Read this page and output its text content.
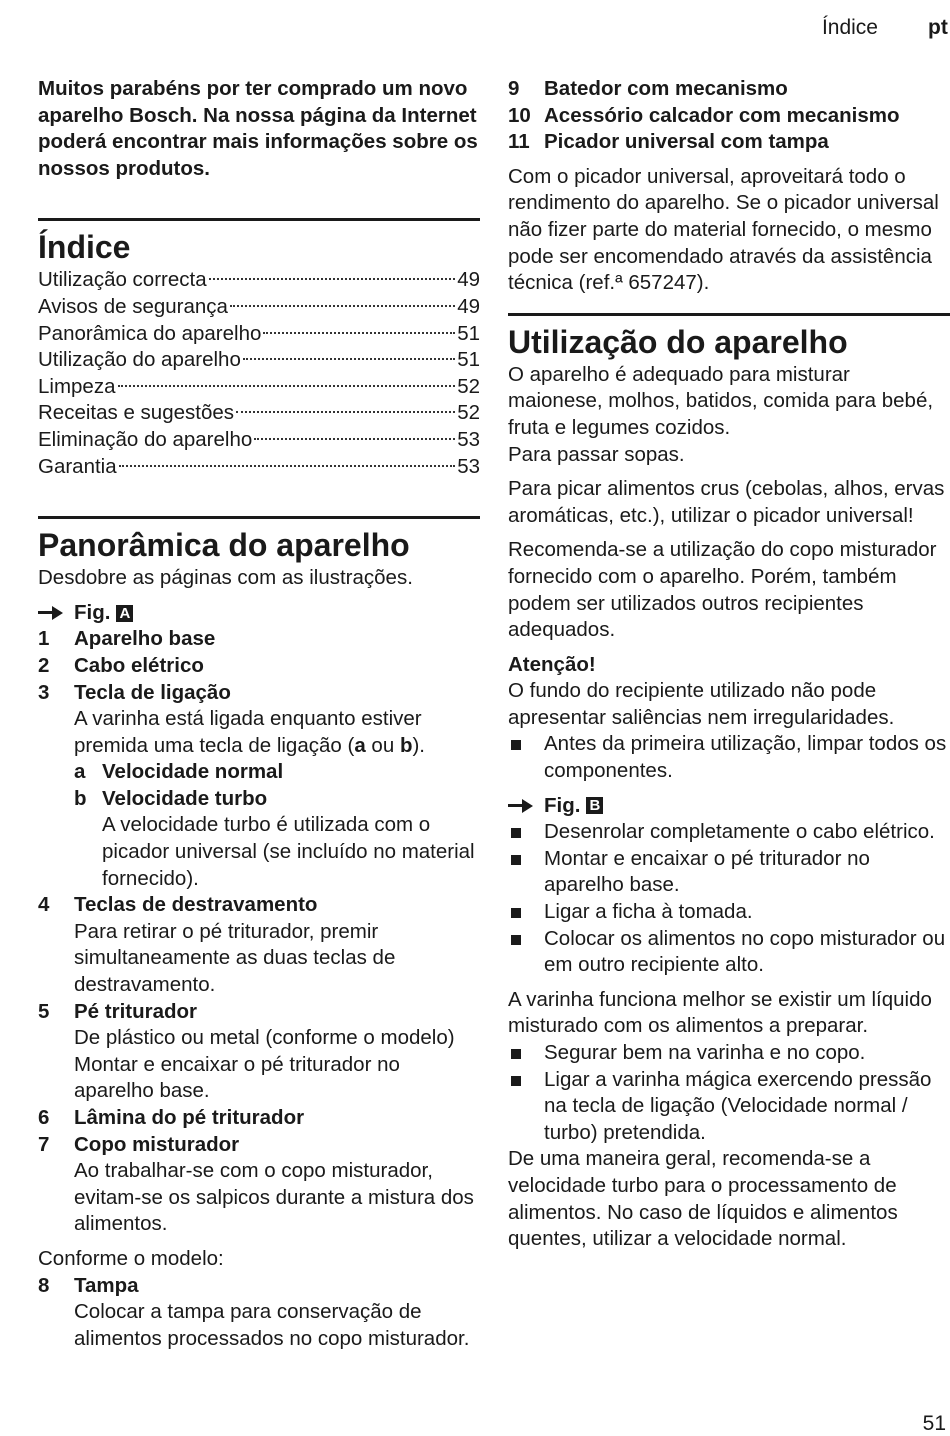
Índice pt

Muitos parabéns por ter comprado um novo aparelho Bosch. Na nossa página da Internet poderá encontrar mais informações sobre os nossos produtos.

Índice
Utilização correcta	49
Avisos de segurança	49
Panorâmica do aparelho	51
Utilização do aparelho	51
Limpeza	52
Receitas e sugestões	52
Eliminação do aparelho	53
Garantia	53
Panorâmica do aparelho

Desdobre as páginas com as ilustrações.

Fig. A
1	Aparelho base
2	Cabo elétrico
3	Tecla de ligação
A varinha está ligada enquanto estiver premida uma tecla de ligação (a ou b).
a Velocidade normal
b Velocidade turbo
A velocidade turbo é utilizada com o picador universal (se incluído no material fornecido).
4	Teclas de destravamento
Para retirar o pé triturador, premir simultaneamente as duas teclas de destravamento.
5	Pé triturador
De plástico ou metal (conforme o modelo)
Montar e encaixar o pé triturador no aparelho base.
6	Lâmina do pé triturador
7	Copo misturador
Ao trabalhar-se com o copo misturador, evitam-se os salpicos durante a mistura dos alimentos.
Conforme o modelo:
8	Tampa
Colocar a tampa para conservação de alimentos processados no copo misturador.
9	Batedor com mecanismo
10 Acessório calcador com mecanismo
11 Picador universal com tampa

Com o picador universal, aproveitará todo o rendimento do aparelho. Se o picador universal não fizer parte do material fornecido, o mesmo pode ser encomendado através da assistência técnica (ref.ª 657247).

Utilização do aparelho

O aparelho é adequado para misturar maionese, molhos, batidos, comida para bebé, fruta e legumes cozidos.

Para passar sopas.

Para picar alimentos crus (cebolas, alhos, ervas aromáticas, etc.), utilizar o picador universal!

Recomenda-se a utilização do copo misturador fornecido com o aparelho. Porém, também podem ser utilizados outros recipientes adequados.

Atenção!

O fundo do recipiente utilizado não pode apresentar saliências nem irregularidades.

Antes da primeira utilização, limpar todos os componentes.
Fig. B
Desenrolar completamente o cabo elétrico.
Montar e encaixar o pé triturador no aparelho base.
Ligar a ficha à tomada.
Colocar os alimentos no copo misturador ou em outro recipiente alto.

A varinha funciona melhor se existir um líquido misturado com os alimentos a preparar.

Segurar bem na varinha e no copo.
Ligar a varinha mágica exercendo pressão na tecla de ligação (Velocidade normal / turbo) pretendida.

De uma maneira geral, recomenda-se a velocidade turbo para o processamento de alimentos. No caso de líquidos e alimentos quentes, utilizar a velocidade normal.

51
